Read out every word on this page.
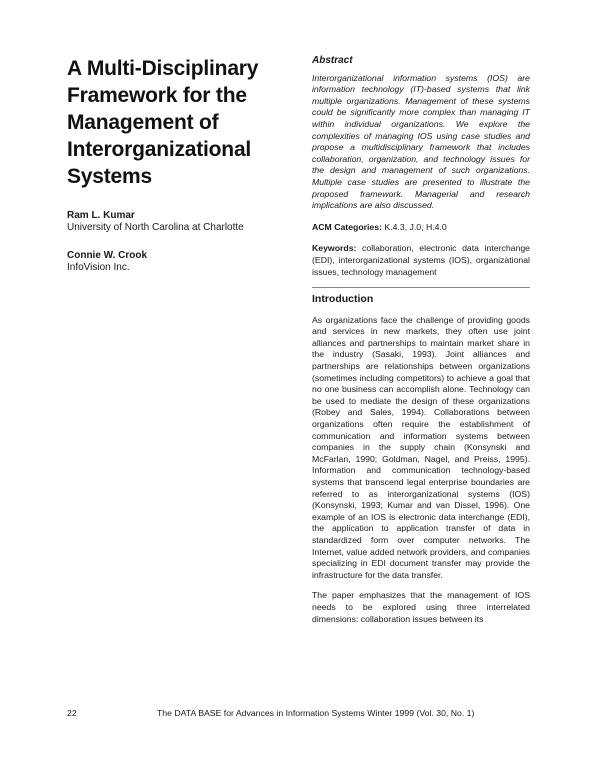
A Multi-Disciplinary
Framework for the
Management of
Interorganizational
Systems
Ram L. Kumar
University of North Carolina at Charlotte
Connie W. Crook
InfoVision Inc.
Abstract

Interorganizational information systems (IOS) are information technology (IT)-based systems that link multiple organizations. Management of these systems could be significantly more complex than managing IT within individual organizations. We explore the complexities of managing IOS using case studies and propose a multidisciplinary framework that includes collaboration, organization, and technology issues for the design and management of such organizations. Multiple case studies are presented to illustrate the proposed framework. Managerial and research implications are also discussed.

ACM Categories: K.4.3, J.0, H.4.0
Keywords: collaboration, electronic data interchange (EDI), interorganizational systems (IOS), organizational issues, technology management
Introduction

As organizations face the challenge of providing goods and services in new markets, they often use joint alliances and partnerships to maintain market share in the industry (Sasaki, 1993). Joint alliances and partnerships are relationships between organizations (sometimes including competitors) to achieve a goal that no one business can accomplish alone. Technology can be used to mediate the design of these organizations (Robey and Sales, 1994). Collaborations between organizations often require the establishment of communication and information systems between companies in the supply chain (Konsynski and McFarlan, 1990; Goldman, Nagel, and Preiss, 1995). Information and communication technology-based systems that transcend legal enterprise boundaries are referred to as interorganizational systems (IOS) (Konsynski, 1993; Kumar and van Dissel, 1996). One example of an IOS is electronic data interchange (EDI), the application to application transfer of data in standardized form over computer networks. The Internet, value added network providers, and companies specializing in EDI document transfer may provide the infrastructure for the data transfer.

The paper emphasizes that the management of IOS needs to be explored using three interrelated dimensions: collaboration issues between its

22	The DATA BASE for Advances in Information Systems Winter 1999 (Vol. 30, No. 1)
